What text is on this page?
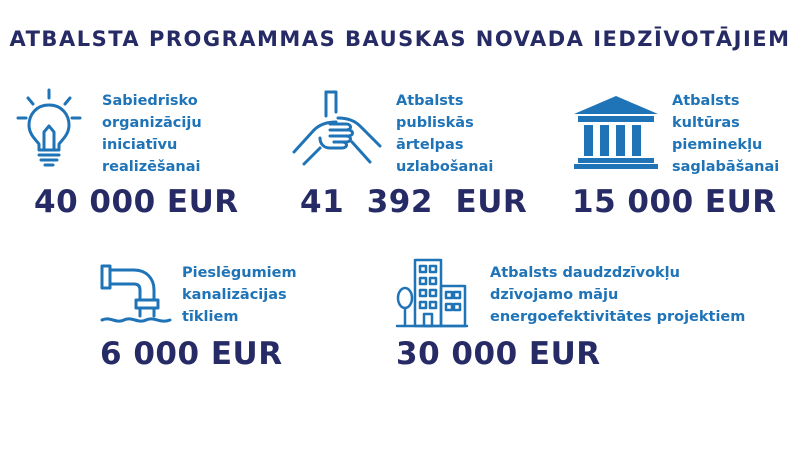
ATBALSTA PROGRAMMAS BAUSKAS NOVADA IEDZĪVOTĀJIEM
Sabiedrisko
organizāciju
iniciatīvu
realizēšanai
40 000 EUR
Atbalsts
publiskās
ārtelpas
uzlabošanai
41  392  EUR
Atbalsts
kultūras
pieminekļu
saglabāšanai
15 000 EUR
Pieslēgumiem
kanalizācijas
tīkliem
6 000 EUR
Atbalsts daudzdzīvokļu
dzīvojamo māju
energoefektivitātes projektiem
30 000 EUR
